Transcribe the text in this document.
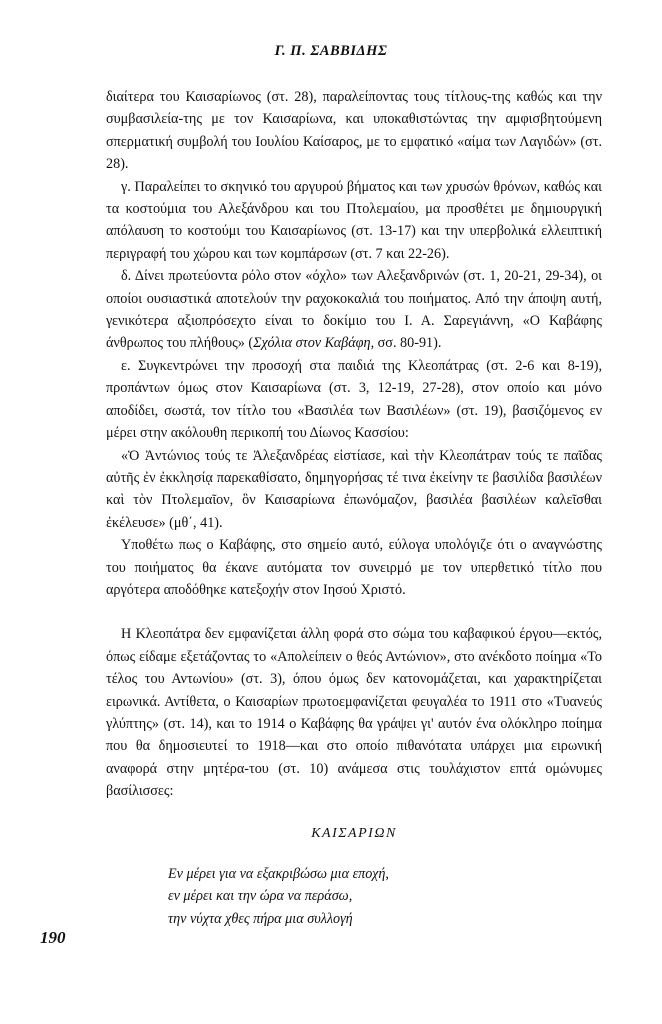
Γ. Π. ΣΑΒΒΙΔΗΣ

διαίτερα του Καισαρίωνος (στ. 28), παραλείποντας τους τίτλους-της καθώς και την συμβασιλεία-της με τον Καισαρίωνα, και υποκαθιστώντας την αμφισβητούμενη σπερματική συμβολή του Ιουλίου Καίσαρος, με το εμφατικό «αίμα των Λαγιδών» (στ. 28).

γ. Παραλείπει το σκηνικό του αργυρού βήματος και των χρυσών θρόνων, καθώς και τα κοστούμια του Αλεξάνδρου και του Πτολεμαίου, μα προσθέτει με δημιουργική απόλαυση το κοστούμι του Καισαρίωνος (στ. 13-17) και την υπερβολικά ελλειπτική περιγραφή του χώρου και των κομπάρσων (στ. 7 και 22-26).

δ. Δίνει πρωτεύοντα ρόλο στον «όχλο» των Αλεξανδρινών (στ. 1, 20-21, 29-34), οι οποίοι ουσιαστικά αποτελούν την ραχοκοκαλιά του ποιήματος. Από την άποψη αυτή, γενικότερα αξιοπρόσεχτο είναι το δοκίμιο του Ι. Α. Σαρεγιάννη, «Ο Καβάφης άνθρωπος του πλήθους» (Σχόλια στον Καβάφη, σσ. 80-91).

ε. Συγκεντρώνει την προσοχή στα παιδιά της Κλεοπάτρας (στ. 2-6 και 8-19), προπάντων όμως στον Καισαρίωνα (στ. 3, 12-19, 27-28), στον οποίο και μόνο αποδίδει, σωστά, τον τίτλο του «Βασιλέα των Βασιλέων» (στ. 19), βασιζόμενος εν μέρει στην ακόλουθη περικοπή του Δίωνος Κασσίου:

«Ὁ Ἀντώνιος τούς τε Ἀλεξανδρέας εἱστίασε, καὶ τὴν Κλεοπάτραν τούς τε παῖδας αὐτῆς ἐν ἐκκλησίᾳ παρεκαθίσατο, δημηγορήσας τέ τινα ἐκείνην τε βασιλίδα βασιλέων καὶ τὸν Πτολεμαῖον, ὃν Καισαρίωνα ἐπωνόμαζον, βασιλέα βασιλέων καλεῖσθαι ἐκέλευσε» (μθ΄, 41).

Υποθέτω πως ο Καβάφης, στο σημείο αυτό, εύλογα υπολόγιζε ότι ο αναγνώστης του ποιήματος θα έκανε αυτόματα τον συνειρμό με τον υπερθετικό τίτλο που αργότερα αποδόθηκε κατεξοχήν στον Ιησού Χριστό.

Η Κλεοπάτρα δεν εμφανίζεται άλλη φορά στο σώμα του καβαφικού έργου—εκτός, όπως είδαμε εξετάζοντας το «Απολείπειν ο θεός Αντώνιον», στο ανέκδοτο ποίημα «Το τέλος του Αντωνίου» (στ. 3), όπου όμως δεν κατονομάζεται, και χαρακτηρίζεται ειρωνικά. Αντίθετα, ο Καισαρίων πρωτοεμφανίζεται φευγαλέα το 1911 στο «Τυανεύς γλύπτης» (στ. 14), και το 1914 ο Καβάφης θα γράψει γι' αυτόν ένα ολόκληρο ποίημα που θα δημοσιευτεί το 1918—και στο οποίο πιθανότατα υπάρχει μια ειρωνική αναφορά στην μητέρα-του (στ. 10) ανάμεσα στις τουλάχιστον επτά ομώνυμες βασίλισσες:

ΚΑΙΣΑΡΙΩΝ
Εν μέρει για να εξακριβώσω μια εποχή,
εν μέρει και την ώρα να περάσω,
την νύχτα χθες πήρα μια συλλογή
190
